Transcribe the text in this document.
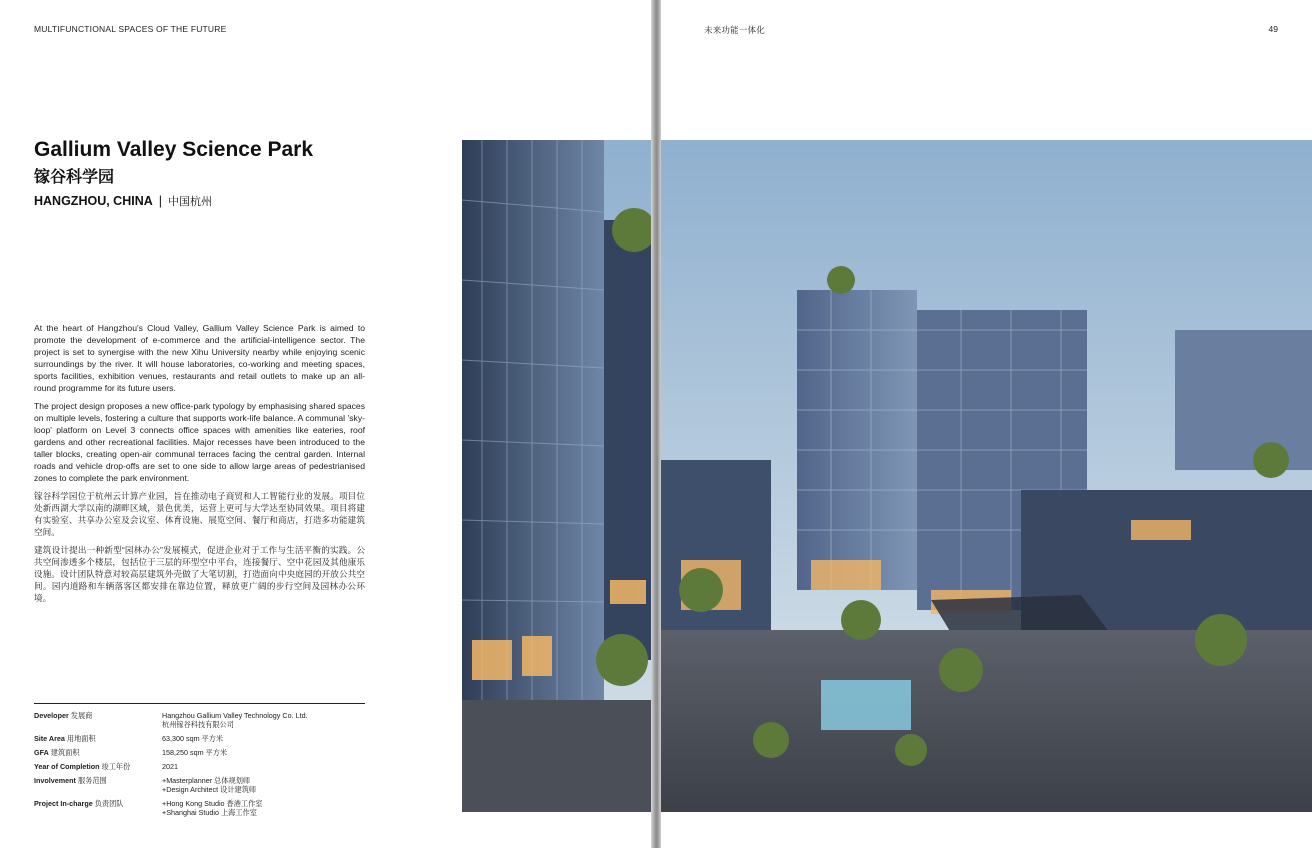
MULTIFUNCTIONAL SPACES OF THE FUTURE
Gallium Valley Science Park
镓谷科学园
HANGZHOU, CHINA | 中国杭州

At the heart of Hangzhou's Cloud Valley, Gallium Valley Science Park is aimed to promote the development of e-commerce and the artificial-intelligence sector. The project is set to synergise with the new Xihu University nearby while enjoying scenic surroundings by the river. It will house laboratories, co-working and meeting spaces, sports facilities, exhibition venues, restaurants and retail outlets to make up an all-round programme for its future users.

The project design proposes a new office-park typology by emphasising shared spaces on multiple levels, fostering a culture that supports work-life balance. A communal 'sky-loop' platform on Level 3 connects office spaces with amenities like eateries, roof gardens and other recreational facilities. Major recesses have been introduced to the taller blocks, creating open-air communal terraces facing the central garden. Internal roads and vehicle drop-offs are set to one side to allow large areas of pedestrianised zones to complete the park environment.

镓谷科学园位于杭州云计算产业园，旨在推动电子商贸和人工智能行业的发展。项目位处新西湖大学以南的湖畔区域，景色优美，运营上更可与大学达至协同效果。项目将建有实验室、共享办公室及会议室、体育设施、展览空间、餐厅和商店，打造多功能建筑空间。

建筑设计提出一种新型“园林办公”发展模式，促进企业对于工作与生活平衡的实践。公共空间渗透多个楼层，包括位于三层的环型空中平台，连接餐厅、空中花园及其他康乐设施。设计团队特意对较高层建筑外壳做了大笔切割，打造面向中央庭园的开放公共空间。园内道路和车辆落客区都安排在靠边位置，释放更广阔的步行空间及园林办公环境。

Developer 发展商	Hangzhou Gallium Valley Technology Co. Ltd.
杭州镓谷科技有限公司
Site Area 用地面积	63,300 sqm 平方米
GFA 建筑面积	158,250 sqm 平方米
Year of Completion 竣工年份	2021
Involvement 服务范围	+Masterplanner 总体规划师
+Design Architect 设计建筑师
Project In-charge 负责团队	+Hong Kong Studio 香港工作室
+Shanghai Studio 上海工作室
未来功能一体化	49
